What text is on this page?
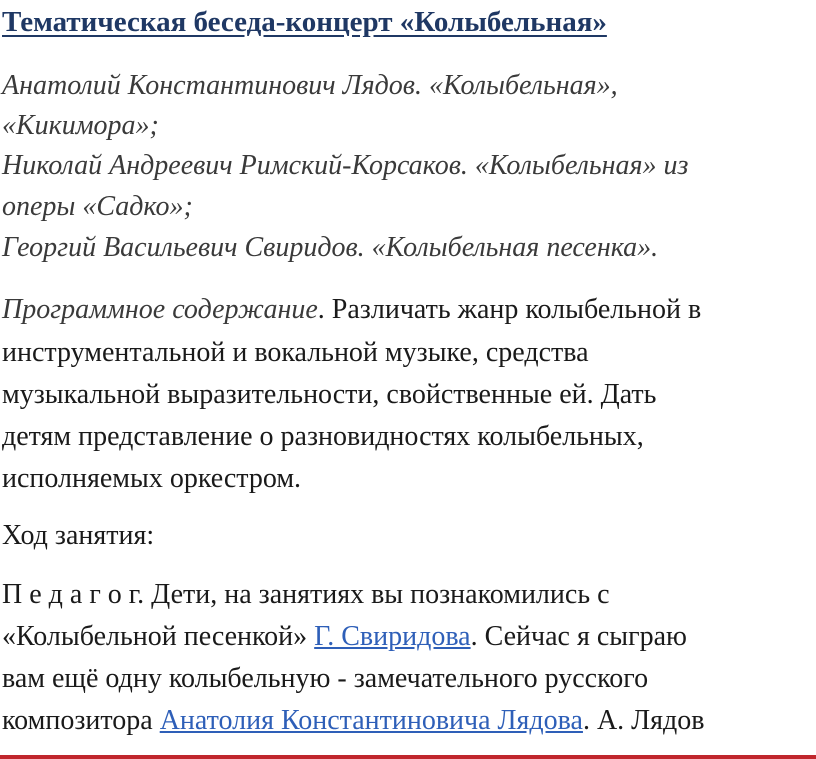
Тематическая беседа-концерт «Колыбельная»
Анатолий Константинович Лядов. «Колыбельная»,
«Кикимора»;
Николай Андреевич Римский-Корсаков. «Колыбельная» из
оперы «Садко»;
Георгий Васильевич Свиридов. «Колыбельная песенка».
Программное содержание. Различать жанр колыбельной в
инструментальной и вокальной музыке, средства
музыкальной выразительности, свойственные ей. Дать
детям представление о разновидностях колыбельных,
исполняемых оркестром.
Ход занятия:
П е д а г о г. Дети, на занятиях вы познакомились с
«Колыбельной песенкой» Г. Свиридова. Сейчас я сыграю
вам ещё одну колыбельную - замечательного русского
композитора Анатолия Константиновича Лядова. А. Лядов
